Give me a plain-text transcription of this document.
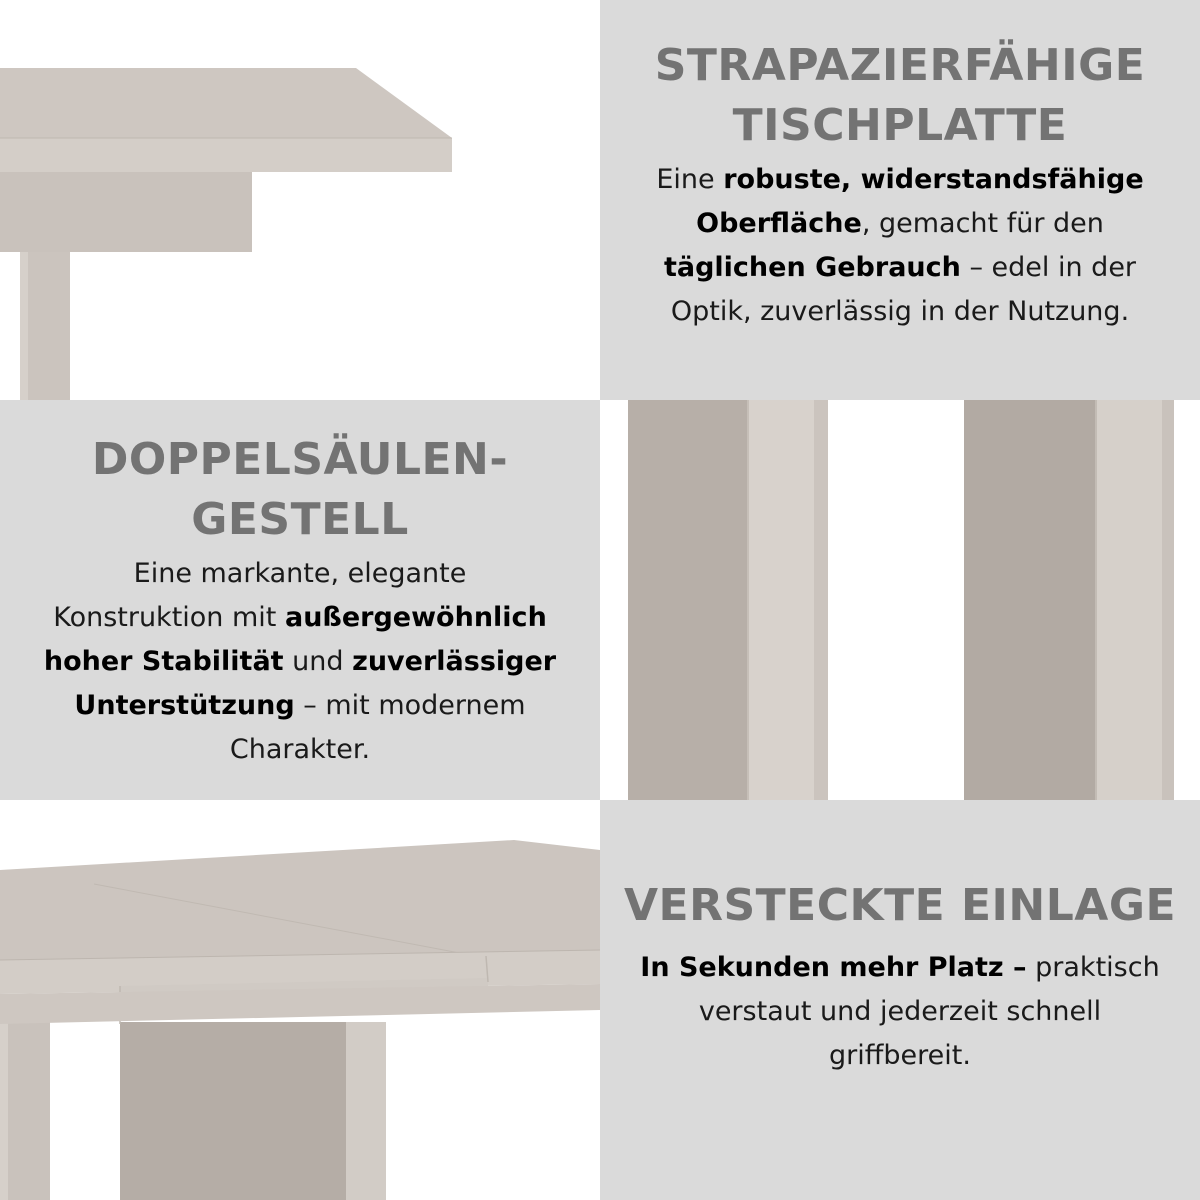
STRAPAZIERFÄHIGE
TISCHPLATTE
Eine robuste, widerstandsfähige
Oberfläche, gemacht für den
täglichen Gebrauch – edel in der
Optik, zuverlässig in der Nutzung.
DOPPELSÄULEN-
GESTELL
Eine markante, elegante
Konstruktion mit außergewöhnlich
hoher Stabilität und zuverlässiger
Unterstützung – mit modernem
Charakter.
VERSTECKTE EINLAGE
In Sekunden mehr Platz – praktisch
verstaut und jederzeit schnell
griffbereit.
